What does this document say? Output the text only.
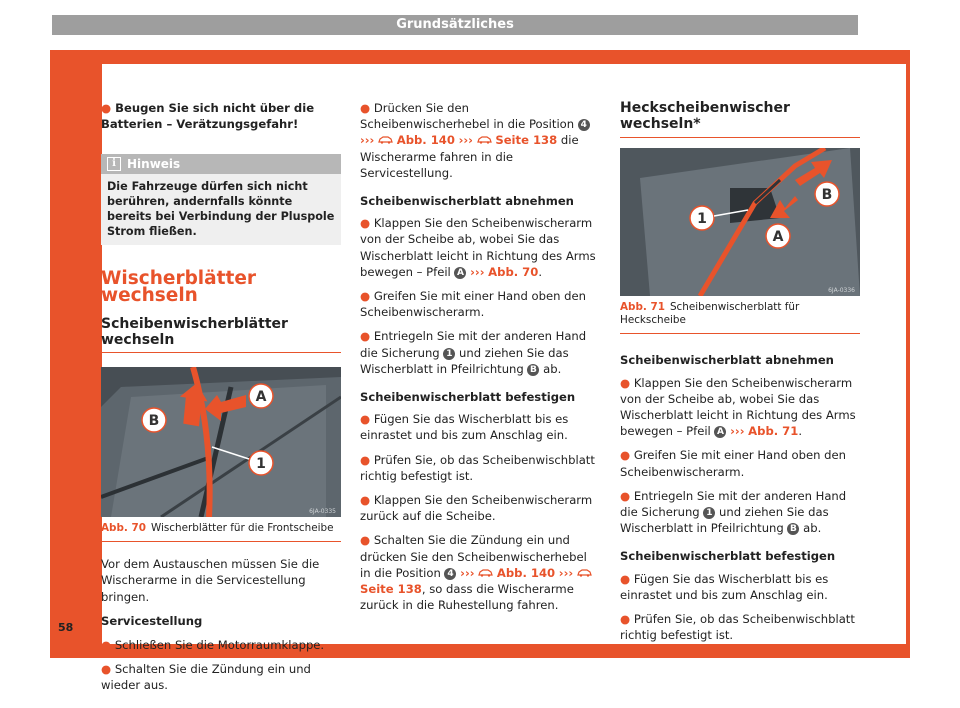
Grundsätzliches

● Beugen Sie sich nicht über die Batterien – Verätzungsgefahr!

i Hinweis
Die Fahrzeuge dürfen sich nicht berühren, andernfalls könnte bereits bei Verbindung der Pluspole Strom fließen.
Wischerblätter wechseln
Scheibenwischerblätter wechseln
A
B
1
6JA-0335
Abb. 70 Wischerblätter für die Frontscheibe

Vor dem Austauschen müssen Sie die Wischerarme in die Servicestellung bringen.

Servicestellung

● Schließen Sie die Motorraumklappe.

● Schalten Sie die Zündung ein und wieder aus.

58

● Drücken Sie den Scheibenwischerhebel in die Position 4 ››› Abb. 140 ››› Seite 138 die Wischerarme fahren in die Servicestellung.

Scheibenwischerblatt abnehmen

● Klappen Sie den Scheibenwischerarm von der Scheibe ab, wobei Sie das Wischerblatt leicht in Richtung des Arms bewegen – Pfeil A ››› Abb. 70.

● Greifen Sie mit einer Hand oben den Scheibenwischerarm.

● Entriegeln Sie mit der anderen Hand die Sicherung 1 und ziehen Sie das Wischerblatt in Pfeilrichtung B ab.

Scheibenwischerblatt befestigen

● Fügen Sie das Wischerblatt bis es einrastet und bis zum Anschlag ein.

● Prüfen Sie, ob das Scheibenwischblatt richtig befestigt ist.

● Klappen Sie den Scheibenwischerarm zurück auf die Scheibe.

● Schalten Sie die Zündung ein und drücken Sie den Scheibenwischerhebel in die Position 4 ››› Abb. 140 ›››  Seite 138, so dass die Wischerarme zurück in die Ruhestellung fahren.

Heckscheibenwischer wechseln*
1
B
A
6JA-0336
Abb. 71 Scheibenwischerblatt für Heckscheibe

Scheibenwischerblatt abnehmen

● Klappen Sie den Scheibenwischerarm von der Scheibe ab, wobei Sie das Wischerblatt leicht in Richtung des Arms bewegen – Pfeil A ››› Abb. 71.

● Greifen Sie mit einer Hand oben den Scheibenwischerarm.

● Entriegeln Sie mit der anderen Hand die Sicherung 1 und ziehen Sie das Wischerblatt in Pfeilrichtung B ab.

Scheibenwischerblatt befestigen

● Fügen Sie das Wischerblatt bis es einrastet und bis zum Anschlag ein.

● Prüfen Sie, ob das Scheibenwischblatt richtig befestigt ist.
